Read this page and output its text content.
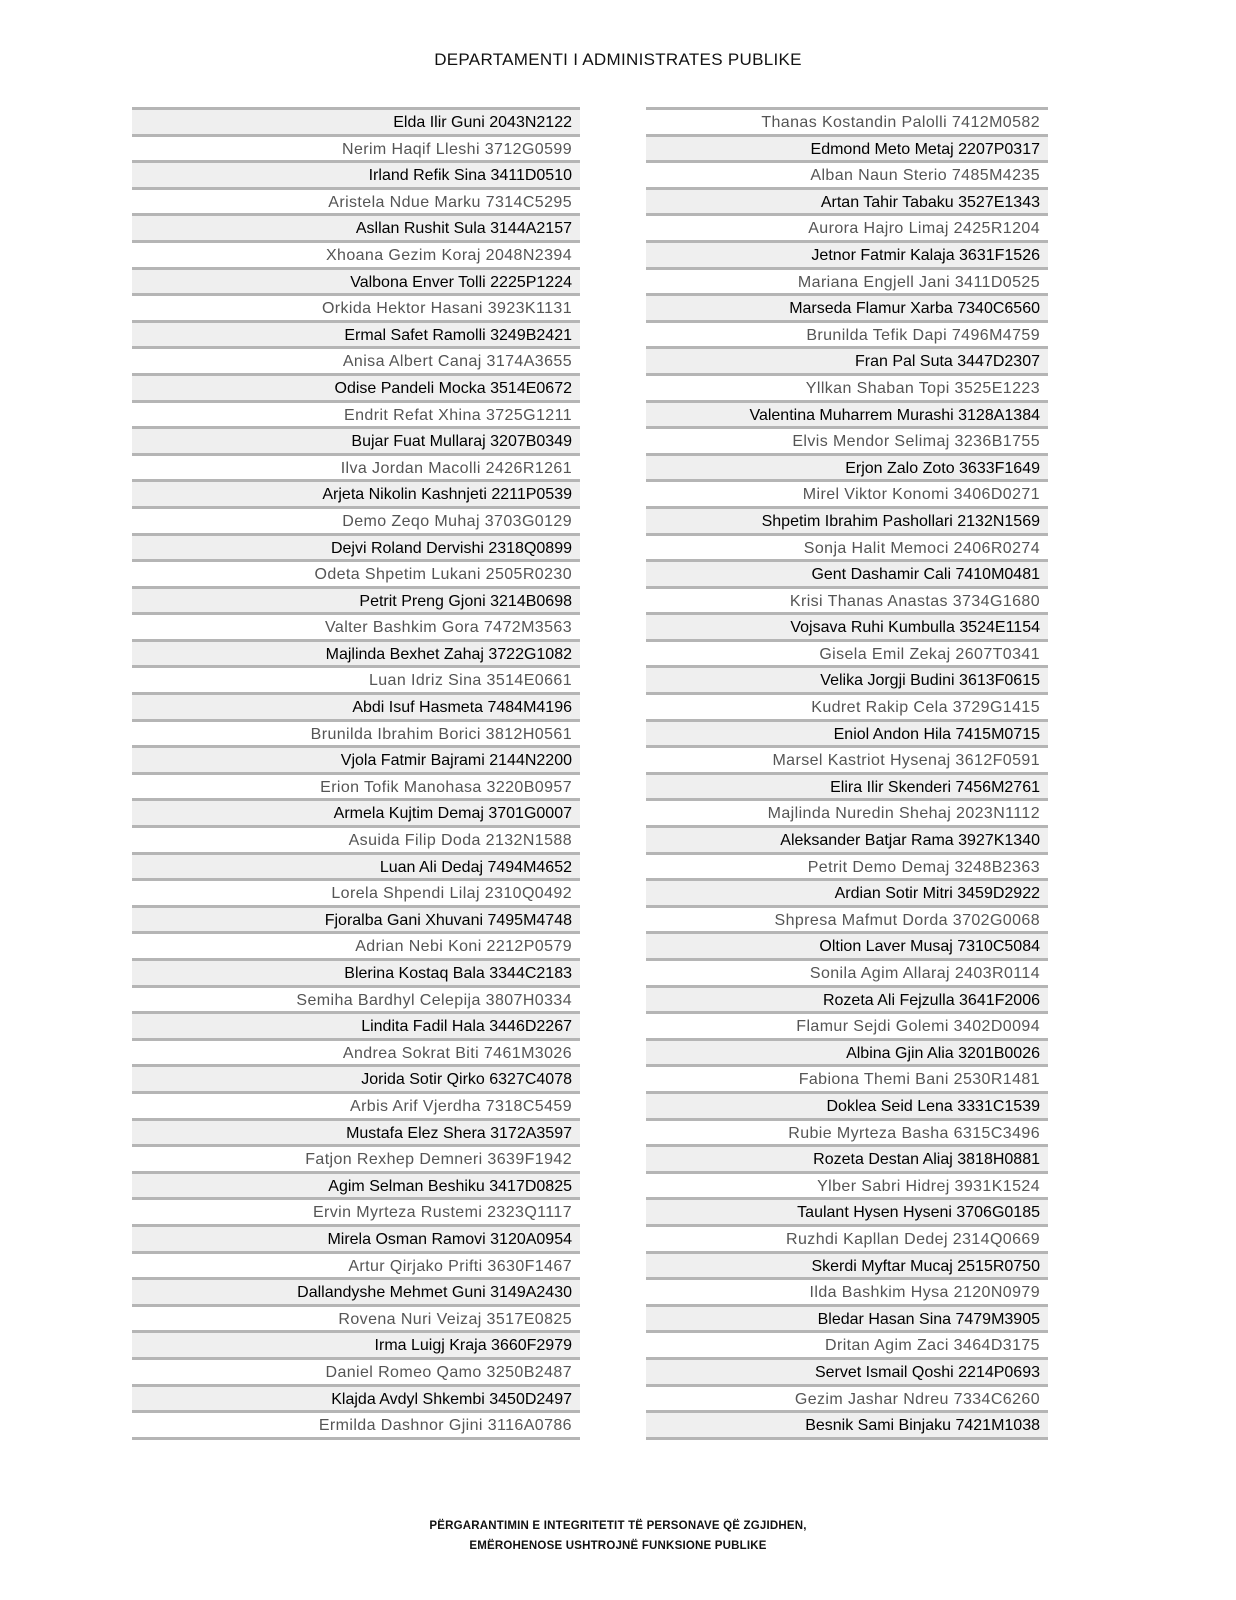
DEPARTAMENTI I ADMINISTRATES PUBLIKE
Elda Ilir Guni 2043N2122
Nerim Haqif Lleshi 3712G0599
Irland Refik Sina 3411D0510
Aristela Ndue Marku 7314C5295
Asllan Rushit Sula 3144A2157
Xhoana Gezim Koraj 2048N2394
Valbona Enver Tolli 2225P1224
Orkida Hektor Hasani 3923K1131
Ermal Safet Ramolli 3249B2421
Anisa Albert Canaj 3174A3655
Odise Pandeli Mocka 3514E0672
Endrit Refat Xhina 3725G1211
Bujar Fuat Mullaraj 3207B0349
Ilva Jordan Macolli 2426R1261
Arjeta Nikolin Kashnjeti 2211P0539
Demo Zeqo Muhaj 3703G0129
Dejvi Roland Dervishi 2318Q0899
Odeta Shpetim Lukani 2505R0230
Petrit Preng Gjoni 3214B0698
Valter Bashkim Gora 7472M3563
Majlinda Bexhet Zahaj 3722G1082
Luan Idriz Sina 3514E0661
Abdi Isuf Hasmeta 7484M4196
Brunilda Ibrahim Borici 3812H0561
Vjola Fatmir Bajrami 2144N2200
Erion Tofik Manohasa 3220B0957
Armela Kujtim Demaj 3701G0007
Asuida Filip Doda 2132N1588
Luan Ali Dedaj 7494M4652
Lorela Shpendi Lilaj 2310Q0492
Fjoralba Gani Xhuvani 7495M4748
Adrian Nebi Koni 2212P0579
Blerina Kostaq Bala 3344C2183
Semiha Bardhyl Celepija 3807H0334
Lindita Fadil Hala 3446D2267
Andrea Sokrat Biti 7461M3026
Jorida Sotir Qirko 6327C4078
Arbis Arif Vjerdha 7318C5459
Mustafa Elez Shera 3172A3597
Fatjon Rexhep Demneri 3639F1942
Agim Selman Beshiku 3417D0825
Ervin Myrteza Rustemi 2323Q1117
Mirela Osman Ramovi 3120A0954
Artur Qirjako Prifti 3630F1467
Dallandyshe Mehmet Guni 3149A2430
Rovena Nuri Veizaj 3517E0825
Irma Luigj Kraja 3660F2979
Daniel Romeo Qamo 3250B2487
Klajda Avdyl Shkembi 3450D2497
Ermilda Dashnor Gjini 3116A0786
Thanas Kostandin Palolli 7412M0582
Edmond Meto Metaj 2207P0317
Alban Naun Sterio 7485M4235
Artan Tahir Tabaku 3527E1343
Aurora Hajro Limaj 2425R1204
Jetnor Fatmir Kalaja 3631F1526
Mariana Engjell Jani 3411D0525
Marseda Flamur Xarba 7340C6560
Brunilda Tefik Dapi 7496M4759
Fran Pal Suta 3447D2307
Yllkan Shaban Topi 3525E1223
Valentina Muharrem Murashi 3128A1384
Elvis Mendor Selimaj 3236B1755
Erjon Zalo Zoto 3633F1649
Mirel Viktor Konomi 3406D0271
Shpetim Ibrahim Pashollari 2132N1569
Sonja Halit Memoci 2406R0274
Gent Dashamir Cali 7410M0481
Krisi Thanas Anastas 3734G1680
Vojsava Ruhi Kumbulla 3524E1154
Gisela Emil Zekaj 2607T0341
Velika Jorgji Budini 3613F0615
Kudret Rakip Cela 3729G1415
Eniol Andon Hila 7415M0715
Marsel Kastriot Hysenaj 3612F0591
Elira Ilir Skenderi 7456M2761
Majlinda Nuredin Shehaj 2023N1112
Aleksander Batjar Rama 3927K1340
Petrit Demo Demaj 3248B2363
Ardian Sotir Mitri 3459D2922
Shpresa Mafmut Dorda 3702G0068
Oltion Laver Musaj 7310C5084
Sonila Agim Allaraj 2403R0114
Rozeta Ali Fejzulla 3641F2006
Flamur Sejdi Golemi 3402D0094
Albina Gjin Alia 3201B0026
Fabiona Themi Bani 2530R1481
Doklea Seid Lena 3331C1539
Rubie Myrteza Basha 6315C3496
Rozeta Destan Aliaj 3818H0881
Ylber Sabri Hidrej 3931K1524
Taulant Hysen Hyseni 3706G0185
Ruzhdi Kapllan Dedej 2314Q0669
Skerdi Myftar Mucaj 2515R0750
Ilda Bashkim Hysa 2120N0979
Bledar Hasan Sina 7479M3905
Dritan Agim Zaci 3464D3175
Servet Ismail Qoshi 2214P0693
Gezim Jashar Ndreu 7334C6260
Besnik Sami Binjaku 7421M1038
PËRGARANTIMIN E INTEGRITETIT TË PERSONAVE QË ZGJIDHEN,
EMËROHENOSE USHTROJNË FUNKSIONE PUBLIKE
